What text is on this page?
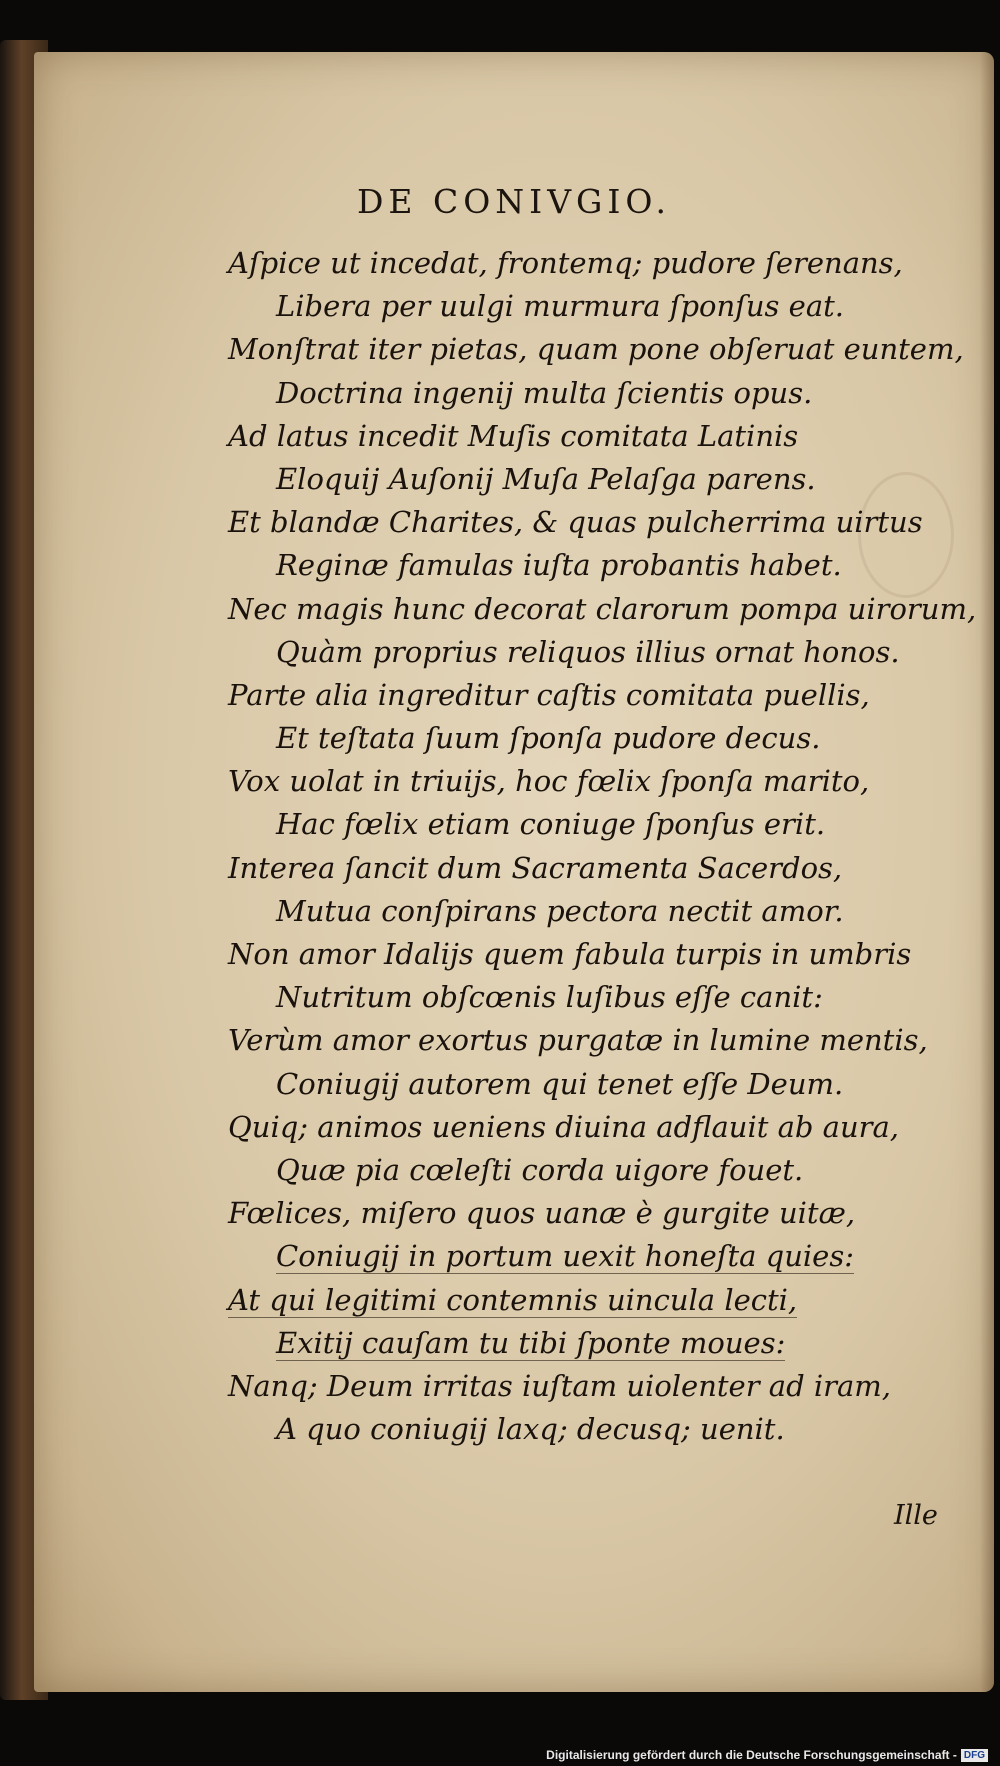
DE CONIVGIO.
Aſpice ut incedat, frontemq; pudore ſerenans,
Libera per uulgi murmura ſponſus eat.
Monſtrat iter pietas, quam pone obſeruat euntem,
Doctrina ingenij multa ſcientis opus.
Ad latus incedit Muſis comitata Latinis
Eloquij Auſonij Muſa Pelaſga parens.
Et blandæ Charites, & quas pulcherrima uirtus
Reginæ famulas iuſta probantis habet.
Nec magis hunc decorat clarorum pompa uirorum,
Quàm proprius reliquos illius ornat honos.
Parte alia ingreditur caſtis comitata puellis,
Et teſtata ſuum ſponſa pudore decus.
Vox uolat in triuijs, hoc fœlix ſponſa marito,
Hac fœlix etiam coniuge ſponſus erit.
Interea ſancit dum Sacramenta Sacerdos,
Mutua conſpirans pectora nectit amor.
Non amor Idalijs quem fabula turpis in umbris
Nutritum obſcœnis luſibus eſſe canit:
Verùm amor exortus purgatæ in lumine mentis,
Coniugij autorem qui tenet eſſe Deum.
Quiq; animos ueniens diuina adflauit ab aura,
Quæ pia cœleſti corda uigore fouet.
Fœlices, miſero quos uanæ è gurgite uitæ,
Coniugij in portum uexit honeſta quies:
At qui legitimi contemnis uincula lecti,
Exitij cauſam tu tibi ſponte moues:
Nanq; Deum irritas iuſtam uiolenter ad iram,
A quo coniugij laxq; decusq; uenit.
Ille
Digitalisierung gefördert durch die Deutsche Forschungsgemeinschaft - DFG
